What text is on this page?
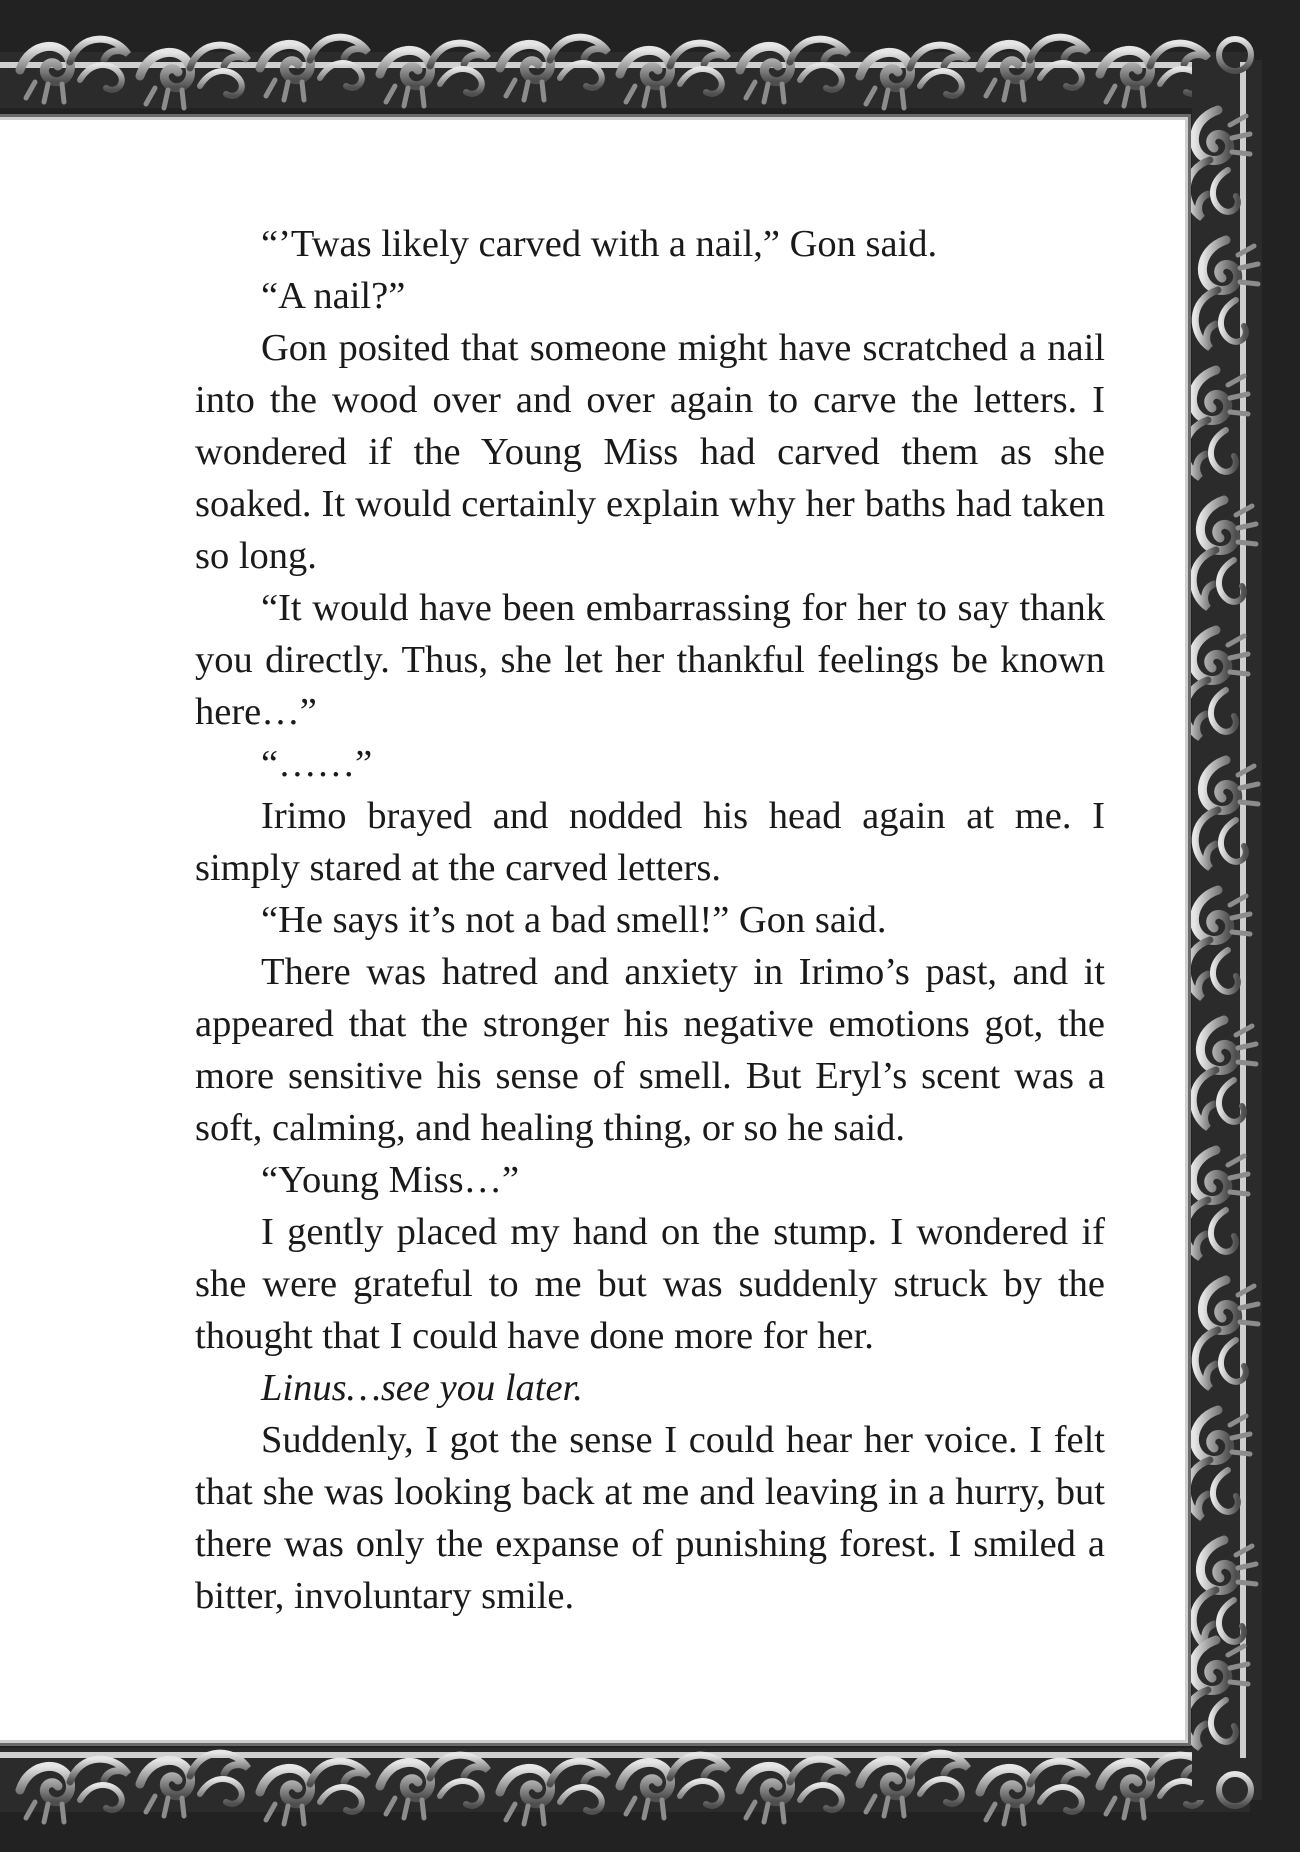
“’Twas likely carved with a nail,” Gon said.

“A nail?”

Gon posited that someone might have scratched a nail into the wood over and over again to carve the letters. I wondered if the Young Miss had carved them as she soaked. It would certainly explain why her baths had taken so long.

“It would have been embarrassing for her to say thank you directly. Thus, she let her thankful feelings be known here…”

“……”

Irimo brayed and nodded his head again at me. I simply stared at the carved letters.

“He says it’s not a bad smell!” Gon said.

There was hatred and anxiety in Irimo’s past, and it appeared that the stronger his negative emotions got, the more sensitive his sense of smell. But Eryl’s scent was a soft, calming, and healing thing, or so he said.

“Young Miss…”

I gently placed my hand on the stump. I wondered if she were grateful to me but was suddenly struck by the thought that I could have done more for her.

Linus…see you later.

Suddenly, I got the sense I could hear her voice. I felt that she was looking back at me and leaving in a hurry, but there was only the expanse of punishing forest. I smiled a bitter, involuntary smile.
